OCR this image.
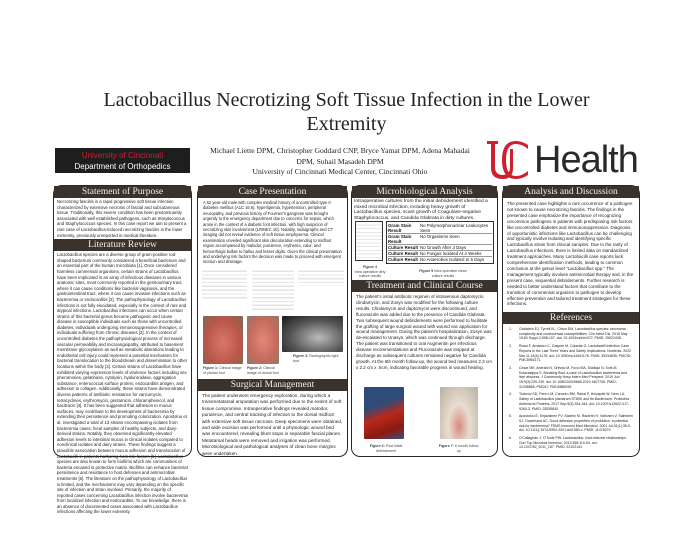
Lactobacillus Necrotizing Soft Tissue Infection in the Lower Extremity
University of Cincinnati
Department of Orthopedics
Michael Liette DPM, Christopher Goddard CNP, Bryce Yamat DPM, Adena Mahadai DPM, Suhail Masadeh DPM
University of Cincinnati Medical Center, Cincinnati Ohio	Health
Statement of Purpose
Necrotizing fasciitis is a rapid progressive soft tissue infection characterized by extensive necrosis of fascial and subcutaneous tissue. Traditionally, this severe condition has been predominantly associated with well established pathogens, such as Streptococcus and Staphylococcus species. In this case report we aim to present a rare case of Lactobacillus-induced necrotizing fasciitis in the lower extremity, previously unreported in medical literature.
Literature Review
Lactobacillus species are a diverse group of gram-positive rod-shaped bacterium commonly considered a beneficial bacterium and an essential part of the human microbiota [1]. Once considered harmless commensal organisms, certain strains of Lactobacillus have been implicated in an array of infectious diseases in various anatomic sites, most commonly reported in the genitourinary tract, where it can cause conditions like bacterial vaginosis, and the gastrointestinal tract, where it can cause invasive infections such as bacteremia or endocarditis [2]. The pathophysiology of Lactobacillus infections is not fully elucidated, especially in the context of rare and atypical infections. Lactobacillus infections can occur when certain strains of this bacterial genus become pathogenic and cause disease in susceptible individuals such as those with uncontrolled diabetes, individuals undergoing immunosuppressive therapies, or individuals suffering from chronic diseases [2]. In the context of uncontrolled diabetes the pathophysiological process of increased vascular permeability and microangiopathy, attributed to basement membrane glycosylation as well as metabolic alterations leading to endothelial cell injury could represent a potential mechanism for bacterial translocation to the bloodstream and dissemination to other locations within the body [3]. Certain strains of Lactobacillus have exhibited varying expression levels of virulence factors including sex pheromones, gelatinase, cytolysin, hyaluronidase, aggregation substance, enterococcal surface protein, endocarditis antigen, and adhesion to collagen. Additionally, these strains have demonstrated diverse patterns of antibiotic resistance for vancomycin, tetracyclines, erythromycin, gentamicin, chloramphenicol, and bacitracin [4]. It has been suggested that adhesion to mucus surfaces, may contribute to the development of bacteremia by extending their persistence and promoting colonization. Apostolou et al. investigated a total of 13 strains encompassing isolates from bacteremia cases, fecal samples of healthy subjects, and dairy-derived strains. Notably, they observed significantly elevated adhesion levels to intestinal mucus in clinical isolates compared to nonclinical isolates and dairy strains. These findings suggest a plausible association between mucus adhesion and translocation of Lactobacilli in patients harboring host risk factors [5]. Lactobacillus species are also known to form biofilms which are communities of bacteria encased in protective matrix. Biofilms can enhance bacterial persistence and resistance to host defenses and antimicrobial treatments [6]. The literature on the pathophysiology of Lactobacillus is limited, and the mechanisms may vary depending on the specific site of infection and strain involved. Primarily, the majority of reported cases concerning Lactobacillus infection involve bacteremia from localized infection and endocarditis. To our knowledge, there is an absence of documented cases associated with Lactobacillus infections affecting the lower extremity.
Case Presentation
A 52 year-old male with complex medical history of uncontrolled type II diabetes mellitus (A1C 16.6), hyperlipemia, hypertension, peripheral neuropathy, and previous history of Fournier's gangrene was brought urgently to the emergency department due to concerns for sepsis, which arose in the context of a diabetic foot infection, with high suspicion of necrotizing skin involvement (LRINEC 10). Notably, radiographs and CT imaging did not reveal evidence of soft tissue emphysema. Clinical examination unveiled significant skin discoloration extending to midfoot region accompanied by malodor, purulence, erythema, calor, and hemorrhagic bullae to hallux and lesser digits. Given the clinical presentation and underlying risk factors the decision was made to proceed with emergent incision and drainage.
Figure 1: Clinical image of plantar foot
Figure 2: Clinical image of dorsal foot
Figure 3: Radiographic right foot
Surgical Management
The patient underwent emergency exploration, during which a transmetatarsal amputation was performed due to the extent of soft tissue compromise. Intraoperative findings revealed malodor, purulence, and central tracking of infection to the dorsal midfoot with extensive soft tissue necrosis. Deep specimens were obtained, and wide excision was performed until a physiologic wound bed was encountered, revealing blunt stops in separable fascial planes. Metatarsal heads were removed and irrigation was performed. Microbiological and pathological analyses of clean bone margins were undertaken.
Microbiological Analysis
Intraoperative cultures from the initial debridement identified a mixed microbial infection, including heavy growth of Lactobacillus species, scant growth of Coagulase-negative Staphylococcus, and Candida Glabrata in dirty cultures.
Gram Stain Result
No Polymorphonuclear Leukocytes Seen
Gram Stain Result
No Organisms Seen
Culture Result No Growth After 3 Days
Culture Result No Fungus Isolated At 4 Weeks
Culture Result No Anaerobes Isolated In 5 Days
Figure 4
Intra operative dirty culture results
Figure 5 Intra operative clean culture results
Treatment and Clinical Course
The patient's initial antibiotic regimen of intravenous daptomycin, clindamycin, and Zosyn was modified for the following culture results. Clindamycin and daptomycin were discontinued, and fluconazole was added due to the presence of Candida Glabrata. Two subsequent wound debridements were performed to facilitate the grafting of large surgical wound with wound vac application for wound management. During the patient's hospitalization, Zosyn was de-escalated to Unasyn, which was continued through discharge. The patient was transitioned to oral Augmentin per infectious disease recommendations and Fluconazole was stopped at discharge as subsequent cultures remained negative for Candida growth. At the 6th month follow-up, the wound bed measures 2.3 cm x 2.2 cm x .5cm, indicating favorable progress in wound healing.
Figure 6: Post initial debridement
Figure 7: 6 month follow-up
Analysis and Discussion
The presented case highlights a rare occurrence of a pathogen not known to cause necrotizing fasciitis. The findings in the presented case emphasize the importance of recognizing uncommon pathogens in patients with predisposing risk factors like uncontrolled diabetes and immunosuppression. Diagnosis of opportunistic infections like Lactobacillus can be challenging and typically involve isolating and identifying specific Lactobacillus strain from clinical samples. Due to the rarity of Lactobacillus infections, there is limited data on standardized treatment approaches. Many Lactobacilli case reports lack comprehensive identification methods, leading to common conclusion at the genus level "Lactobacillus spp." The management typically involves antimicrobial therapy and, in the present case, sequential debridements. Further research is needed to better understand factors that contribute to the transition of commensal organism to pathogen to develop effective prevention and tailored treatment strategies for these infections.
References
1. Goldstein EJ, Tyrrell KL, Citron DM. Lactobacillus species: taxonomic complexity and controversial susceptibilities. Clin Infect Dis. 2015 May 15;60 Suppl 2:S98-107. doi: 10.1093/cid/civ072. PMID: 25922408.
2. Rossi F, Amadoro C, Gasperi M, Colavita G. Lactobacilli Infection Case Reports in the Last Three Years and Safety Implications. Nutrients. 2022 Mar 11;14(6):1178. doi: 10.3390/nu14061178. PMID: 35334835; PMCID: PMC8954171.
3. Cesar ME, Aherahi N, Ortholo M, Fucci MA, Siddiqui N, Sofs M, Kolavalappa S. Breaking Bad: a case of Lactobacillus bacteremia and liver abscess. J Community Hosp Intern Med Perspect. 2019 Jun 19;9(3):239-239. doi: 10.1080/20009666.2019.1607706. PMID: 31258868; PMCID: PMC6586095.
4. Todorov SD, Perin LM, Carneiro BM, Rahal P, Holzapfel W, Nero LA. Safety of Lactobacillus plantarum ST8Sh and Its Bacteriocin. Probiotics Antimicrob Proteins. 2017 Sep;9(3):334-344. doi: 10.1007/s12602-017-9260-3. PMID: 28255840.
5. Apostolou E, Kirjavainen PV, Saxelin M, Rautelin H, Valtonen V, Salminen SJ, Ouwehand AC. Good adhesion properties of probiotics: a potential risk for bacteremia? FEMS Immunol Med Microbiol. 2001 Jul;31(1):35-9. doi: 10.1111/j.1574-695X.2001.tb01583.x. PMID: 11476979.
6. O'Callaghan J, O'Toole PW. Lactobacillus: host-microbe relationships. Curr Top Microbiol Immunol. 2013;358:119-54. doi: 10.1007/82_2011_187. PMID: 22102141.
